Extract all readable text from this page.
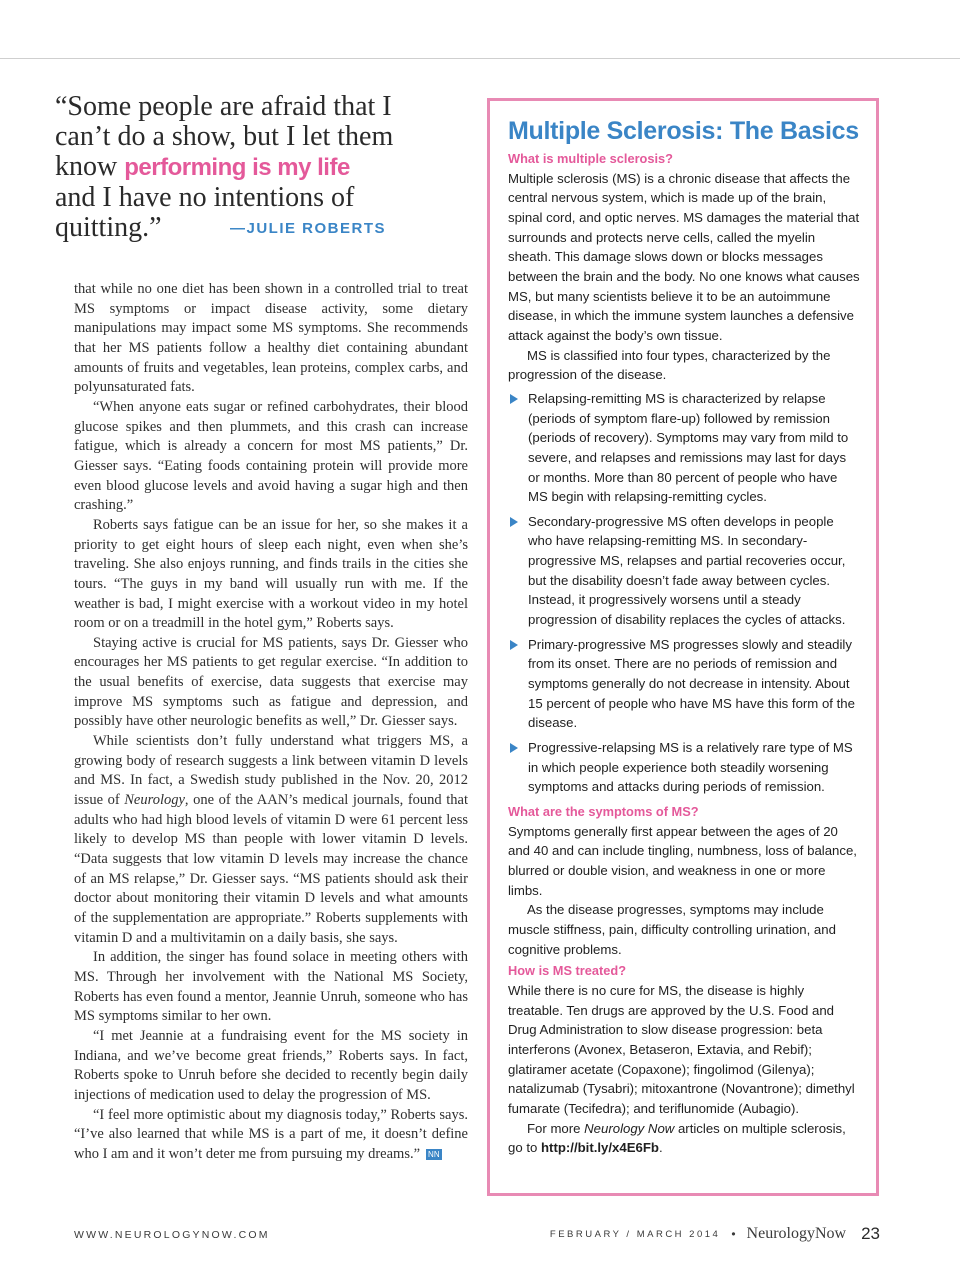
“Some people are afraid that I can’t do a show, but I let them know performing is my life and I have no intentions of quitting.”	—JULIE ROBERTS

that while no one diet has been shown in a controlled trial to treat MS symptoms or impact disease activity, some dietary manipulations may impact some MS symptoms. She recommends that her MS patients follow a healthy diet containing abundant amounts of fruits and vegetables, lean proteins, complex carbs, and polyunsaturated fats.

“When anyone eats sugar or refined carbohydrates, their blood glucose spikes and then plummets, and this crash can increase fatigue, which is already a concern for most MS patients,” Dr. Giesser says. “Eating foods containing protein will provide more even blood glucose levels and avoid having a sugar high and then crashing.”

Roberts says fatigue can be an issue for her, so she makes it a priority to get eight hours of sleep each night, even when she’s traveling. She also enjoys running, and finds trails in the cities she tours. “The guys in my band will usually run with me. If the weather is bad, I might exercise with a workout video in my hotel room or on a treadmill in the hotel gym,” Roberts says.

Staying active is crucial for MS patients, says Dr. Giesser who encourages her MS patients to get regular exercise. “In addition to the usual benefits of exercise, data suggests that exercise may improve MS symptoms such as fatigue and depression, and possibly have other neurologic benefits as well,” Dr. Giesser says.

While scientists don’t fully understand what triggers MS, a growing body of research suggests a link between vitamin D levels and MS. In fact, a Swedish study published in the Nov. 20, 2012 issue of Neurology, one of the AAN’s medical journals, found that adults who had high blood levels of vitamin D were 61 percent less likely to develop MS than people with lower vitamin D levels. “Data suggests that low vitamin D levels may increase the chance of an MS relapse,” Dr. Giesser says. “MS patients should ask their doctor about monitoring their vitamin D levels and what amounts of the supplementation are appropriate.” Roberts supplements with vitamin D and a multivitamin on a daily basis, she says.

In addition, the singer has found solace in meeting others with MS. Through her involvement with the National MS Society, Roberts has even found a mentor, Jeannie Unruh, someone who has MS symptoms similar to her own.

“I met Jeannie at a fundraising event for the MS society in Indiana, and we’ve become great friends,” Roberts says. In fact, Roberts spoke to Unruh before she decided to recently begin daily injections of medication used to delay the progression of MS.

“I feel more optimistic about my diagnosis today,” Roberts says. “I’ve also learned that while MS is a part of me, it doesn’t define who I am and it won’t deter me from pursuing my dreams.” NN

Multiple Sclerosis: The Basics
What is multiple sclerosis?

Multiple sclerosis (MS) is a chronic disease that affects the central nervous system, which is made up of the brain, spinal cord, and optic nerves. MS damages the material that surrounds and protects nerve cells, called the myelin sheath. This damage slows down or blocks messages between the brain and the body. No one knows what causes MS, but many scientists believe it to be an autoimmune disease, in which the immune system launches a defensive attack against the body’s own tissue.

MS is classified into four types, characterized by the progression of the disease.

Relapsing-remitting MS is characterized by relapse (periods of symptom flare-up) followed by remission (periods of recovery). Symptoms may vary from mild to severe, and relapses and remissions may last for days or months. More than 80 percent of people who have MS begin with relapsing-remitting cycles.
Secondary-progressive MS often develops in people who have relapsing-remitting MS. In secondary-progressive MS, relapses and partial recoveries occur, but the disability doesn’t fade away between cycles. Instead, it progressively worsens until a steady progression of disability replaces the cycles of attacks.
Primary-progressive MS progresses slowly and steadily from its onset. There are no periods of remission and symptoms generally do not decrease in intensity. About 15 percent of people who have MS have this form of the disease.
Progressive-relapsing MS is a relatively rare type of MS in which people experience both steadily worsening symptoms and attacks during periods of remission.
What are the symptoms of MS?

Symptoms generally first appear between the ages of 20 and 40 and can include tingling, numbness, loss of balance, blurred or double vision, and weakness in one or more limbs.

As the disease progresses, symptoms may include muscle stiffness, pain, difficulty controlling urination, and cognitive problems.

How is MS treated?

While there is no cure for MS, the disease is highly treatable. Ten drugs are approved by the U.S. Food and Drug Administration to slow disease progression: beta interferons (Avonex, Betaseron, Extavia, and Rebif); glatiramer acetate (Copaxone); fingolimod (Gilenya); natalizumab (Tysabri); mitoxantrone (Novantrone); dimethyl fumarate (Tecifedra); and teriflunomide (Aubagio).

For more Neurology Now articles on multiple sclerosis, go to http://bit.ly/x4E6Fb.

WWW.NEUROLOGYNOW.COM	FEBRUARY / MARCH 2014 • NeurologyNow 23
